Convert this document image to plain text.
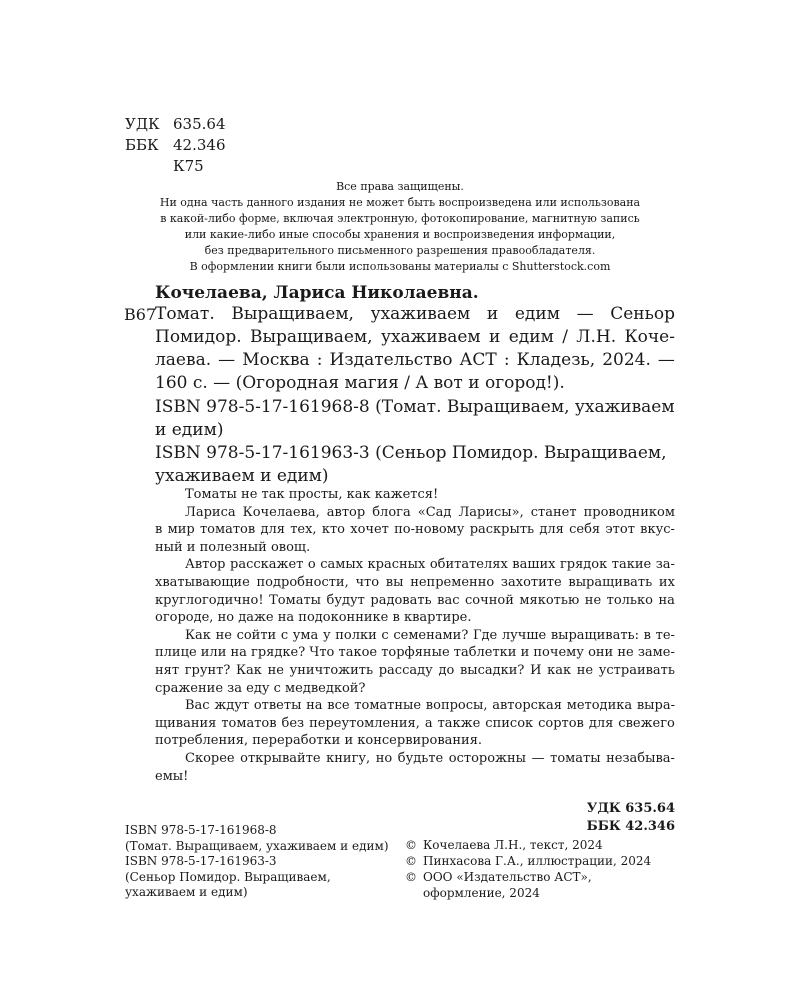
УДК 635.64
ББК 42.346
К75
Все права защищены.
Ни одна часть данного издания не может быть воспроизведена или использована
в какой-либо форме, включая электронную, фотокопирование, магнитную запись
или какие-либо иные способы хранения и воспроизведения информации,
без предварительного письменного разрешения правообладателя.
В оформлении книги были использованы материалы с Shutterstock.com
Кочелаева, Лариса Николаевна.
В67
Томат. Выращиваем, ухаживаем и едим — Сеньор
Помидор. Выращиваем, ухаживаем и едим / Л.Н. Коче-
лаева. — Москва : Издательство АСТ : Кладезь, 2024. —
160 с. — (Огородная магия / А вот и огород!).
ISBN 978-5-17-161968-8 (Томат. Выращиваем, ухаживаем
и едим)
ISBN 978-5-17-161963-3 (Сеньор Помидор. Выращиваем,
ухаживаем и едим)
Томаты не так просты, как кажется!
Лариса Кочелаева, автор блога «Сад Ларисы», станет проводником
в мир томатов для тех, кто хочет по-новому раскрыть для себя этот вкус-
ный и полезный овощ.
Автор расскажет о самых красных обитателях ваших грядок такие за-
хватывающие подробности, что вы непременно захотите выращивать их
круглогодично! Томаты будут радовать вас сочной мякотью не только на
огороде, но даже на подоконнике в квартире.
Как не сойти с ума у полки с семенами? Где лучше выращивать: в те-
плице или на грядке? Что такое торфяные таблетки и почему они не заме-
нят грунт? Как не уничтожить рассаду до высадки? И как не устраивать
сражение за еду с медведкой?
Вас ждут ответы на все томатные вопросы, авторская методика выра-
щивания томатов без переутомления, а также список сортов для свежего
потребления, переработки и консервирования.
Скорее открывайте книгу, но будьте осторожны — томаты незабыва-
емы!
УДК 635.64
ББК 42.346
ISBN 978-5-17-161968-8
(Томат. Выращиваем, ухаживаем и едим)
ISBN 978-5-17-161963-3
(Сеньор Помидор. Выращиваем,
ухаживаем и едим)
© Кочелаева Л.Н., текст, 2024
© Пинхасова Г.А., иллюстрации, 2024
© ООО «Издательство АСТ»,
оформление, 2024
